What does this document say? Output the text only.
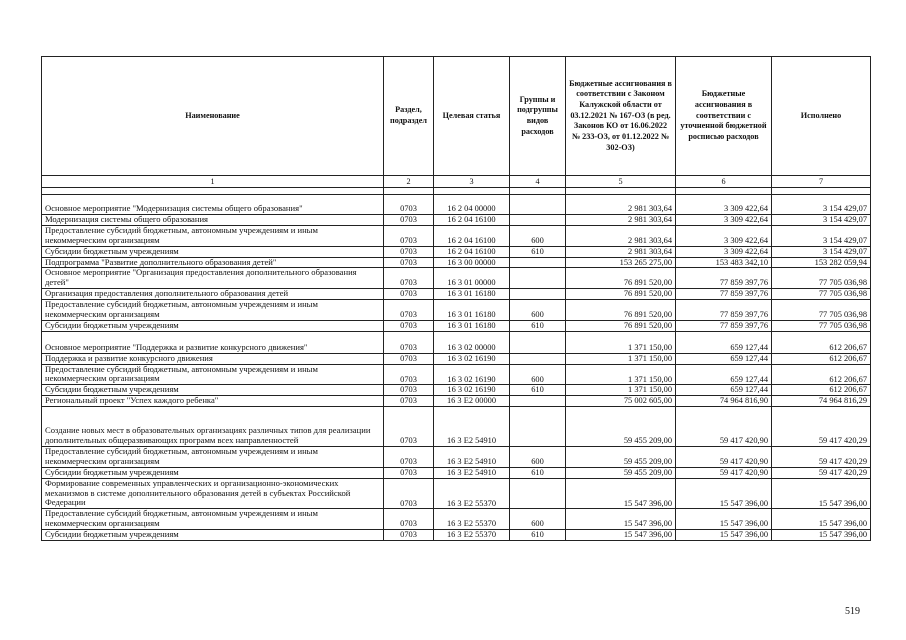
Наименование	Раздел, подраздел	Целевая статья	Группы и подгруппы видов расходов	Бюджетные ассигнования в соответствии с Законом Калужской области от 03.12.2021 № 167-ОЗ (в ред. Законов КО от 16.06.2022 № 233-ОЗ, от 01.12.2022 № 302-ОЗ)	Бюджетные ассигнования в соответствии с уточненной бюджетной росписью расходов	Исполнено
1	2	3	4	5	6	7

Основное мероприятие "Модернизация системы общего образования"	0703	16 2 04 00000		2 981 303,64	3 309 422,64	3 154 429,07
Модернизация системы общего образования	0703	16 2 04 16100		2 981 303,64	3 309 422,64	3 154 429,07
Предоставление субсидий бюджетным, автономным учреждениям и иным некоммерческим организациям	0703	16 2 04 16100	600	2 981 303,64	3 309 422,64	3 154 429,07
Субсидии бюджетным учреждениям	0703	16 2 04 16100	610	2 981 303,64	3 309 422,64	3 154 429,07
Подпрограмма "Развитие дополнительного образования детей"	0703	16 3 00 00000		153 265 275,00	153 483 342,10	153 282 059,94
Основное мероприятие "Организация предоставления дополнительного образования детей"	0703	16 3 01 00000		76 891 520,00	77 859 397,76	77 705 036,98
Организация предоставления дополнительного образования детей	0703	16 3 01 16180		76 891 520,00	77 859 397,76	77 705 036,98
Предоставление субсидий бюджетным, автономным учреждениям и иным некоммерческим организациям	0703	16 3 01 16180	600	76 891 520,00	77 859 397,76	77 705 036,98
Субсидии бюджетным учреждениям	0703	16 3 01 16180	610	76 891 520,00	77 859 397,76	77 705 036,98
Основное мероприятие "Поддержка и развитие конкурсного движения"	0703	16 3 02 00000		1 371 150,00	659 127,44	612 206,67
Поддержка и развитие конкурсного движения	0703	16 3 02 16190		1 371 150,00	659 127,44	612 206,67
Предоставление субсидий бюджетным, автономным учреждениям и иным некоммерческим организациям	0703	16 3 02 16190	600	1 371 150,00	659 127,44	612 206,67
Субсидии бюджетным учреждениям	0703	16 3 02 16190	610	1 371 150,00	659 127,44	612 206,67
Региональный проект "Успех каждого ребенка"	0703	16 3 E2 00000		75 002 605,00	74 964 816,90	74 964 816,29
Создание новых мест в образовательных организациях различных типов для реализации дополнительных общеразвивающих программ всех направленностей	0703	16 3 E2 54910		59 455 209,00	59 417 420,90	59 417 420,29
Предоставление субсидий бюджетным, автономным учреждениям и иным некоммерческим организациям	0703	16 3 E2 54910	600	59 455 209,00	59 417 420,90	59 417 420,29
Субсидии бюджетным учреждениям	0703	16 3 E2 54910	610	59 455 209,00	59 417 420,90	59 417 420,29
Формирование современных управленческих и организационно-экономических механизмов в системе дополнительного образования детей в субъектах Российской Федерации	0703	16 3 E2 55370		15 547 396,00	15 547 396,00	15 547 396,00
Предоставление субсидий бюджетным, автономным учреждениям и иным некоммерческим организациям	0703	16 3 E2 55370	600	15 547 396,00	15 547 396,00	15 547 396,00
Субсидии бюджетным учреждениям	0703	16 3 E2 55370	610	15 547 396,00	15 547 396,00	15 547 396,00
519
